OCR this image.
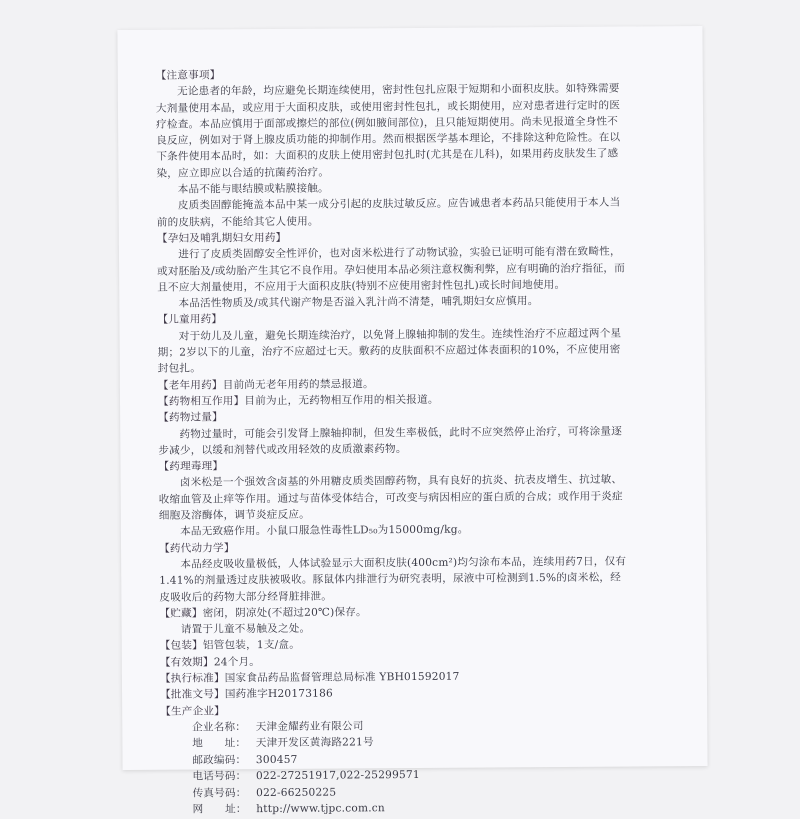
【注意事项】

无论患者的年龄，均应避免长期连续使用，密封性包扎应限于短期和小面积皮肤。如特殊需要大剂量使用本品，或应用于大面积皮肤，或使用密封性包扎，或长期使用，应对患者进行定时的医疗检查。本品应慎用于面部或擦烂的部位(例如腋间部位)，且只能短期使用。尚未见报道全身性不良反应，例如对于肾上腺皮质功能的抑制作用。然而根据医学基本理论，不排除这种危险性。在以下条件使用本品时，如：大面积的皮肤上使用密封包扎时(尤其是在儿科)，如果用药皮肤发生了感染，应立即应以合适的抗菌药治疗。

本品不能与眼结膜或粘膜接触。

皮质类固醇能掩盖本品中某一成分引起的皮肤过敏反应。应告诫患者本药品只能使用于本人当前的皮肤病，不能给其它人使用。

【孕妇及哺乳期妇女用药】

进行了皮质类固醇安全性评价，也对卤米松进行了动物试验，实验已证明可能有潜在致畸性，或对胚胎及/或幼胎产生其它不良作用。孕妇使用本品必须注意权衡利弊，应有明确的治疗指征，而且不应大剂量使用，不应用于大面积皮肤(特别不应使用密封性包扎)或长时间地使用。

本品活性物质及/或其代谢产物是否溢入乳汁尚不清楚，哺乳期妇女应慎用。

【儿童用药】

对于幼儿及儿童，避免长期连续治疗，以免肾上腺轴抑制的发生。连续性治疗不应超过两个星期；2岁以下的儿童，治疗不应超过七天。敷药的皮肤面积不应超过体表面积的10%，不应使用密封包扎。

【老年用药】 目前尚无老年用药的禁忌报道。
【药物相互作用】 目前为止，无药物相互作用的相关报道。
【药物过量】

药物过量时，可能会引发肾上腺轴抑制，但发生率极低，此时不应突然停止治疗，可将涂量逐步减少，以缓和剂替代或改用轻效的皮质激素药物。

【药理毒理】

卤米松是一个强效含卤基的外用糖皮质类固醇药物，具有良好的抗炎、抗表皮增生、抗过敏、收缩血管及止痒等作用。通过与苗体受体结合，可改变与病因相应的蛋白质的合成；或作用于炎症细胞及溶酶体，调节炎症反应。

本品无致癌作用。小鼠口服急性毒性LD₅₀为15000mg/kg。

【药代动力学】

本品经皮吸收量极低，人体试验显示大面积皮肤(400cm²)均匀涂布本品，连续用药7日，仅有1.41%的剂量透过皮肤被吸收。豚鼠体内排泄行为研究表明，尿液中可检测到1.5%的卤米松，经皮吸收后的药物大部分经肾脏排泄。

【贮藏】 密闭，阴凉处(不超过20℃)保存。

请置于儿童不易触及之处。

【包装】 铝管包装，1支/盒。
【有效期】 24个月。
【执行标准】 国家食品药品监督管理总局标准 YBH01592017
【批准文号】 国药准字H20173186
【生产企业】
企业名称： 天津金耀药业有限公司
地　　址： 天津开发区黄海路221号
邮政编码： 300457
电话号码： 022-27251917,022-25299571
传真号码： 022-66250225
网　　址： http://www.tjpc.com.cn
